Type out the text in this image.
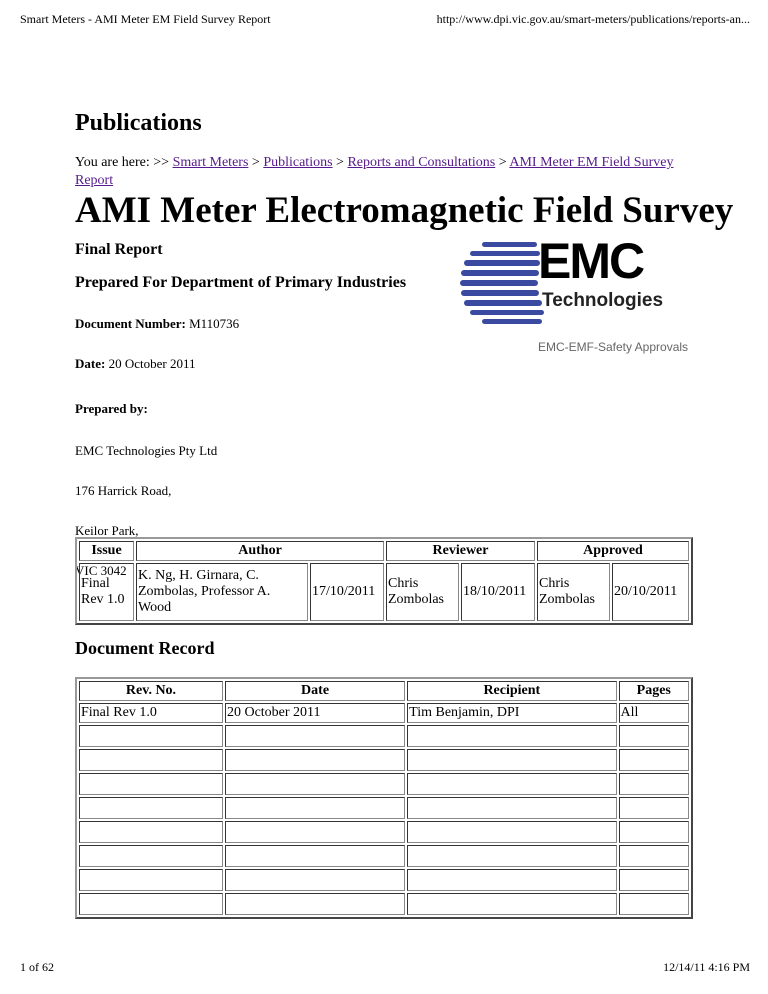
Smart Meters - AMI Meter EM Field Survey Report	http://www.dpi.vic.gov.au/smart-meters/publications/reports-an...
Publications
You are here: >> Smart Meters > Publications > Reports and Consultations > AMI Meter EM Field Survey Report
AMI Meter Electromagnetic Field Survey
Final Report
Prepared For Department of Primary Industries
Document Number: M110736
Date: 20 October 2011
Prepared by:
EMC Technologies Pty Ltd
176 Harrick Road,
Keilor Park,
VIC 3042
EMC
Technologies
EMC-EMF-Safety Approvals
Issue	Author		Reviewer		Approved	
Final Rev 1.0	K. Ng, H. Girnara, C. Zombolas, Professor A. Wood	17/10/2011	Chris Zombolas	18/10/2011	Chris Zombolas	20/10/2011
Document Record
Rev. No.	Date	Recipient	Pages
Final Rev 1.0	20 October 2011	Tim Benjamin, DPI	All

1 of 62	12/14/11 4:16 PM
